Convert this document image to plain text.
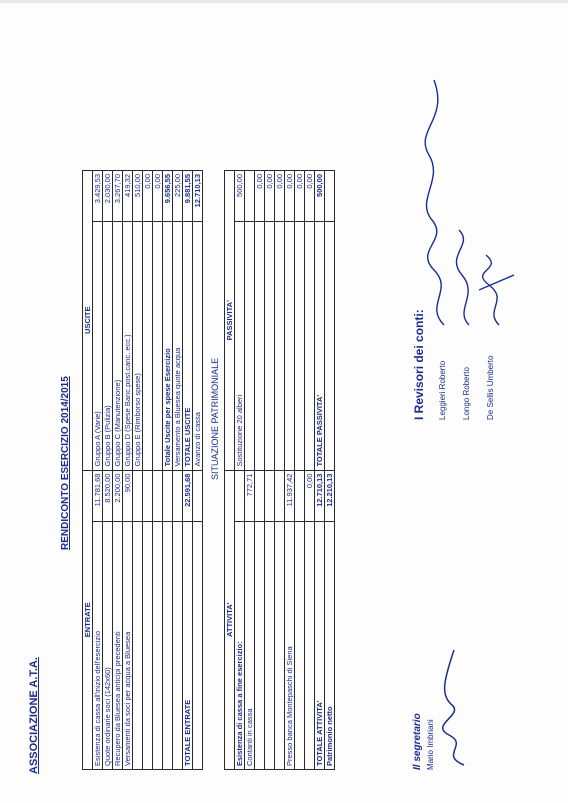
ASSOCIAZIONE A.T.A.
RENDICONTO ESERCIZIO 2014/2015
ENTRATE		USCITE	
Esistenza di cassa all'inizio dell'esercizio	11.781,68	Gruppo A (Varie)	3.429,53
Quote ordinarie soci (142x60)	8.520,00	Gruppo B (Pulizia)	2.030,00
Recupero da Bluesea anticipi precedenti	2.200,00	Gruppo C (Manutenzione)	3.267,70
Versamenti da soci per acqua a Bluesea	90,00	Gruppo D (Spese Banc.post.canc. ecc.)	419,32
		Gruppo E (Rimborso spese)	510,00
			0,00
			0,00
		Totale Uscite per spese Esercizio	9.656,55
		Versamento a Bluesea quote acqua	225,00
TOTALE ENTRATE	22.591,68	TOTALE USCITE	9.881,55
		Avanzo di cassa	12.710,13
SITUAZIONE PATRIMONIALE
ATTIVITA'		PASSIVITA'	
Esistenza di cassa a fine esercizio:		Sostituzione 20 alberi	500,00
Contanti in cassa	772,71		
			0,00
			0,00
			0,00
Presso banca Montepaschi di Siena	11.937,42		0,00
			0,00
	0,00		0,00
TOTALE ATTIVITA'	12.710,13	TOTALE PASSIVITA'	500,00
Patrimonio netto	12.210,13		
Il segretario Mario Imbriani
I Revisori dei conti: Leggieri Roberto Longo Roberto De Sellis Umberto
